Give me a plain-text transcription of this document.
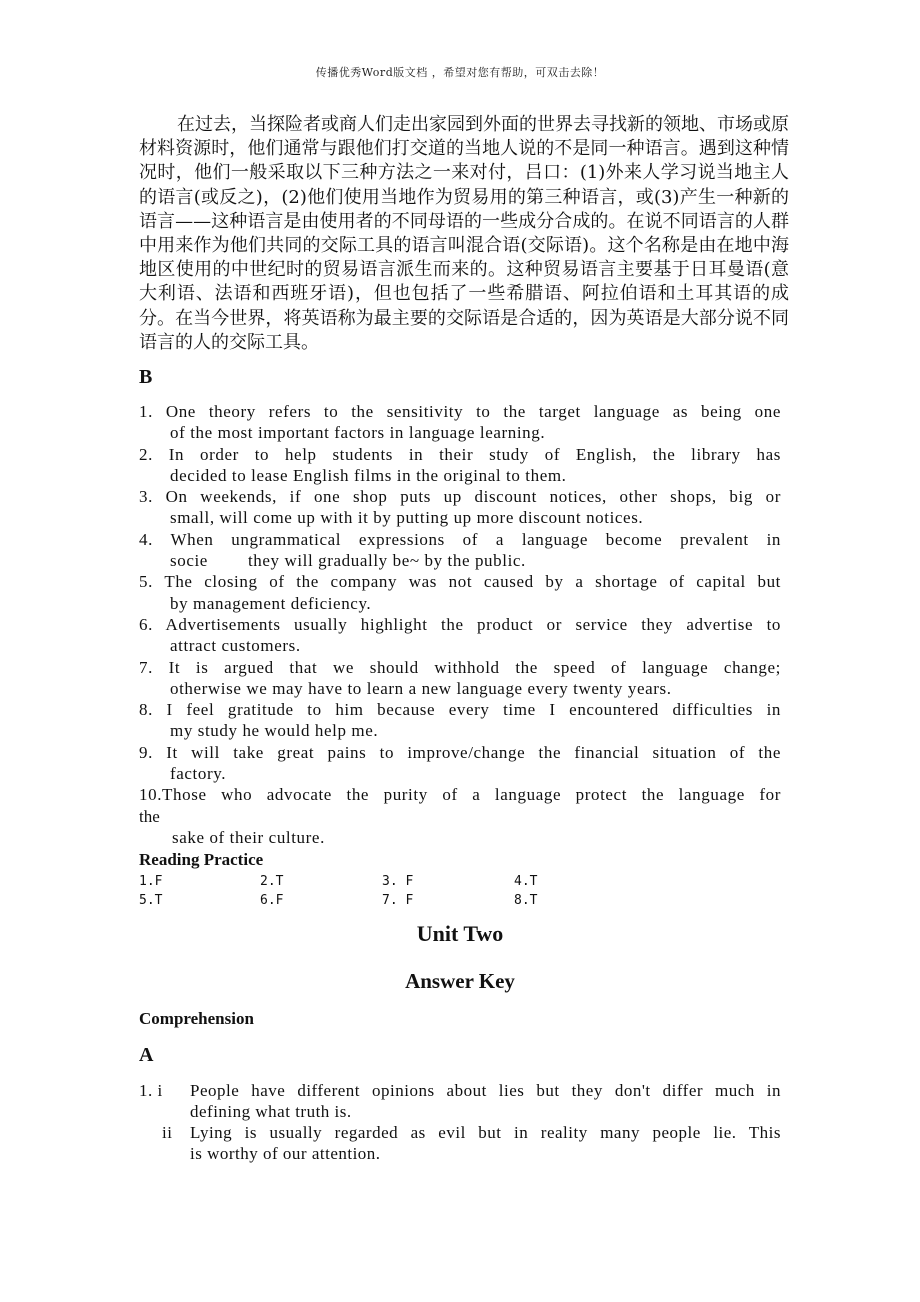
传播优秀Word版文档 ，希望对您有帮助，可双击去除！

在过去，当探险者或商人们走出家园到外面的世界去寻找新的领地、市场或原材料资源时，他们通常与跟他们打交道的当地人说的不是同一种语言。遇到这种情况时，他们一般采取以下三种方法之一来对付，吕口：(1)外来人学习说当地主人的语言(或反之)，(2)他们使用当地作为贸易用的第三种语言，或(3)产生一种新的语言——这种语言是由使用者的不同母语的一些成分合成的。在说不同语言的人群中用来作为他们共同的交际工具的语言叫混合语(交际语)。这个名称是由在地中海地区使用的中世纪时的贸易语言派生而来的。这种贸易语言主要基于日耳曼语(意大利语、法语和西班牙语)，但也包括了一些希腊语、阿拉伯语和土耳其语的成分。在当今世界，将英语称为最主要的交际语是合适的，因为英语是大部分说不同语言的人的交际工具。

B

1. One theory refers to the sensitivity to the target language as being one
of the most important factors in language learning.
2. In order to help students in their study of English, the library has
decided to lease English films in the original to them.
3. On weekends, if one shop puts up discount notices, other shops, big or
small, will come up with it by putting up more discount notices.
4. When ungrammatical expressions of a language become prevalent in
socie they will gradually be~ by the public.
5. The closing of the company was not caused by a shortage of capital but
by management deficiency.
6. Advertisements usually highlight the product or service they advertise to
attract customers.
7. It is argued that we should withhold the speed of language change;
otherwise we may have to learn a new language every twenty years.
8. I feel gratitude to him because every time I encountered difficulties in
my study he would help me.
9. It will take great pains to improve/change the financial situation of the
factory.
10.Those who advocate the purity of a language protect the language for
the
sake of their culture.

Reading Practice

1.F	2.T	3. F	4.T
5.T	6.F	7. F	8.T

Unit Two

Answer Key

Comprehension

A

1. i People have different opinions about lies but they don't differ much in
defining what truth is.
ii Lying is usually regarded as evil but in reality many people lie. This
is worthy of our attention.
